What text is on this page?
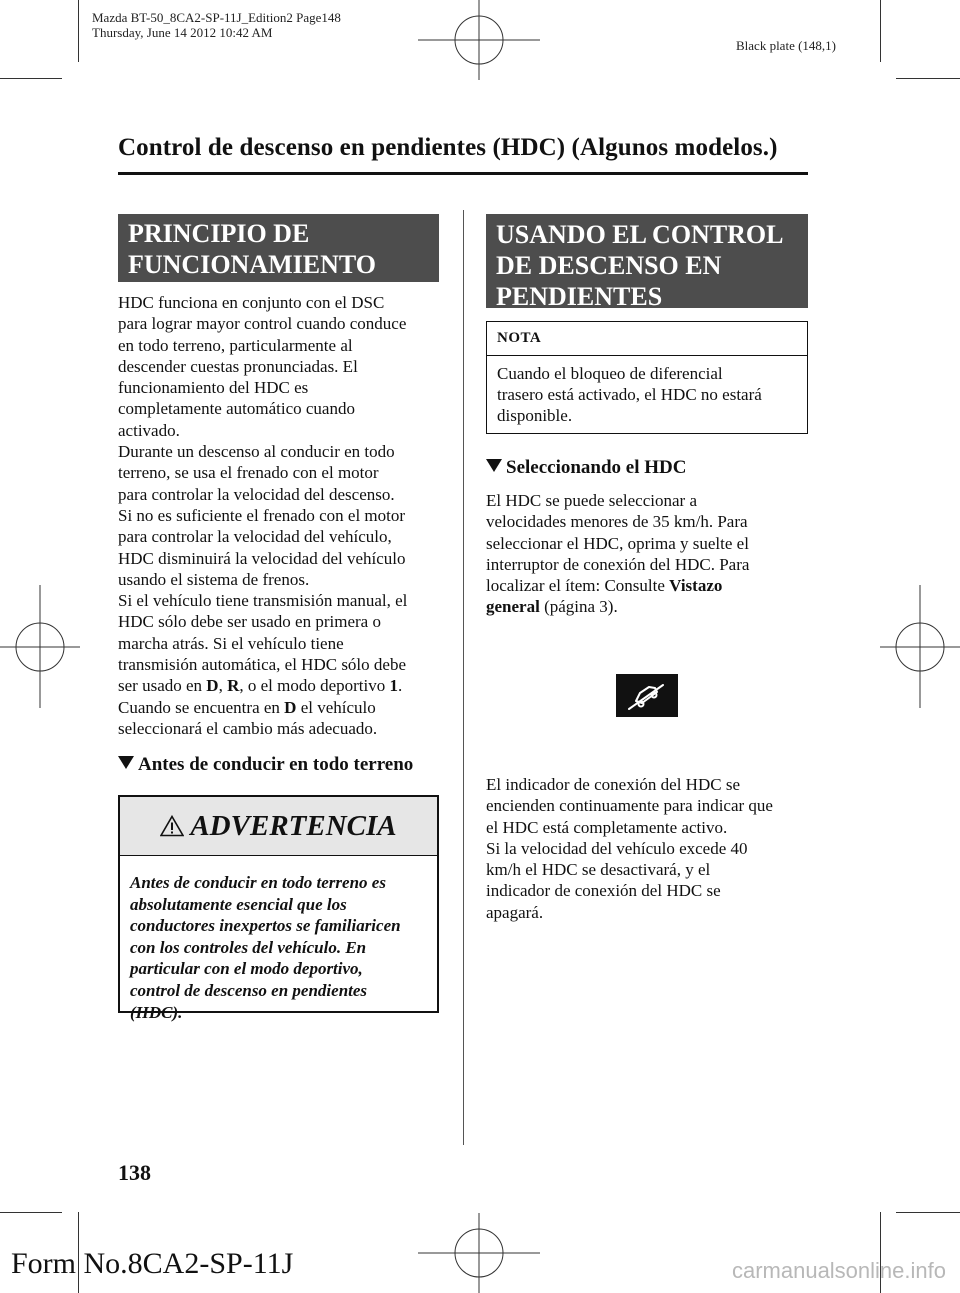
Mazda BT-50_8CA2-SP-11J_Edition2 Page148
Thursday, June 14 2012 10:42 AM
Black plate (148,1)
Control de descenso en pendientes (HDC) (Algunos modelos.)
PRINCIPIO DE
FUNCIONAMIENTO

HDC funciona en conjunto con el DSC

para lograr mayor control cuando conduce

en todo terreno, particularmente al

descender cuestas pronunciadas. El

funcionamiento del HDC es

completamente automático cuando

activado.

Durante un descenso al conducir en todo

terreno, se usa el frenado con el motor

para controlar la velocidad del descenso.

Si no es suficiente el frenado con el motor

para controlar la velocidad del vehículo,

HDC disminuirá la velocidad del vehículo

usando el sistema de frenos.

Si el vehículo tiene transmisión manual, el

HDC sólo debe ser usado en primera o

marcha atrás. Si el vehículo tiene

transmisión automática, el HDC sólo debe

ser usado en D, R, o el modo deportivo 1.

Cuando se encuentra en D el vehículo

seleccionará el cambio más adecuado.

Antes de conducir en todo terreno
ADVERTENCIA
Antes de conducir en todo terreno es
absolutamente esencial que los
conductores inexpertos se familiaricen
con los controles del vehículo. En
particular con el modo deportivo,
control de descenso en pendientes
(HDC).
USANDO EL CONTROL
DE DESCENSO EN
PENDIENTES
NOTA
Cuando el bloqueo de diferencial
trasero está activado, el HDC no estará
disponible.
Seleccionando el HDC

El HDC se puede seleccionar a

velocidades menores de 35 km/h. Para

seleccionar el HDC, oprima y suelte el

interruptor de conexión del HDC. Para

localizar el ítem: Consulte Vistazo

general (página 3).

El indicador de conexión del HDC se

encienden continuamente para indicar que

el HDC está completamente activo.

Si la velocidad del vehículo excede 40

km/h el HDC se desactivará, y el

indicador de conexión del HDC se

apagará.

138
Form No.8CA2-SP-11J	carmanualsonline.info
